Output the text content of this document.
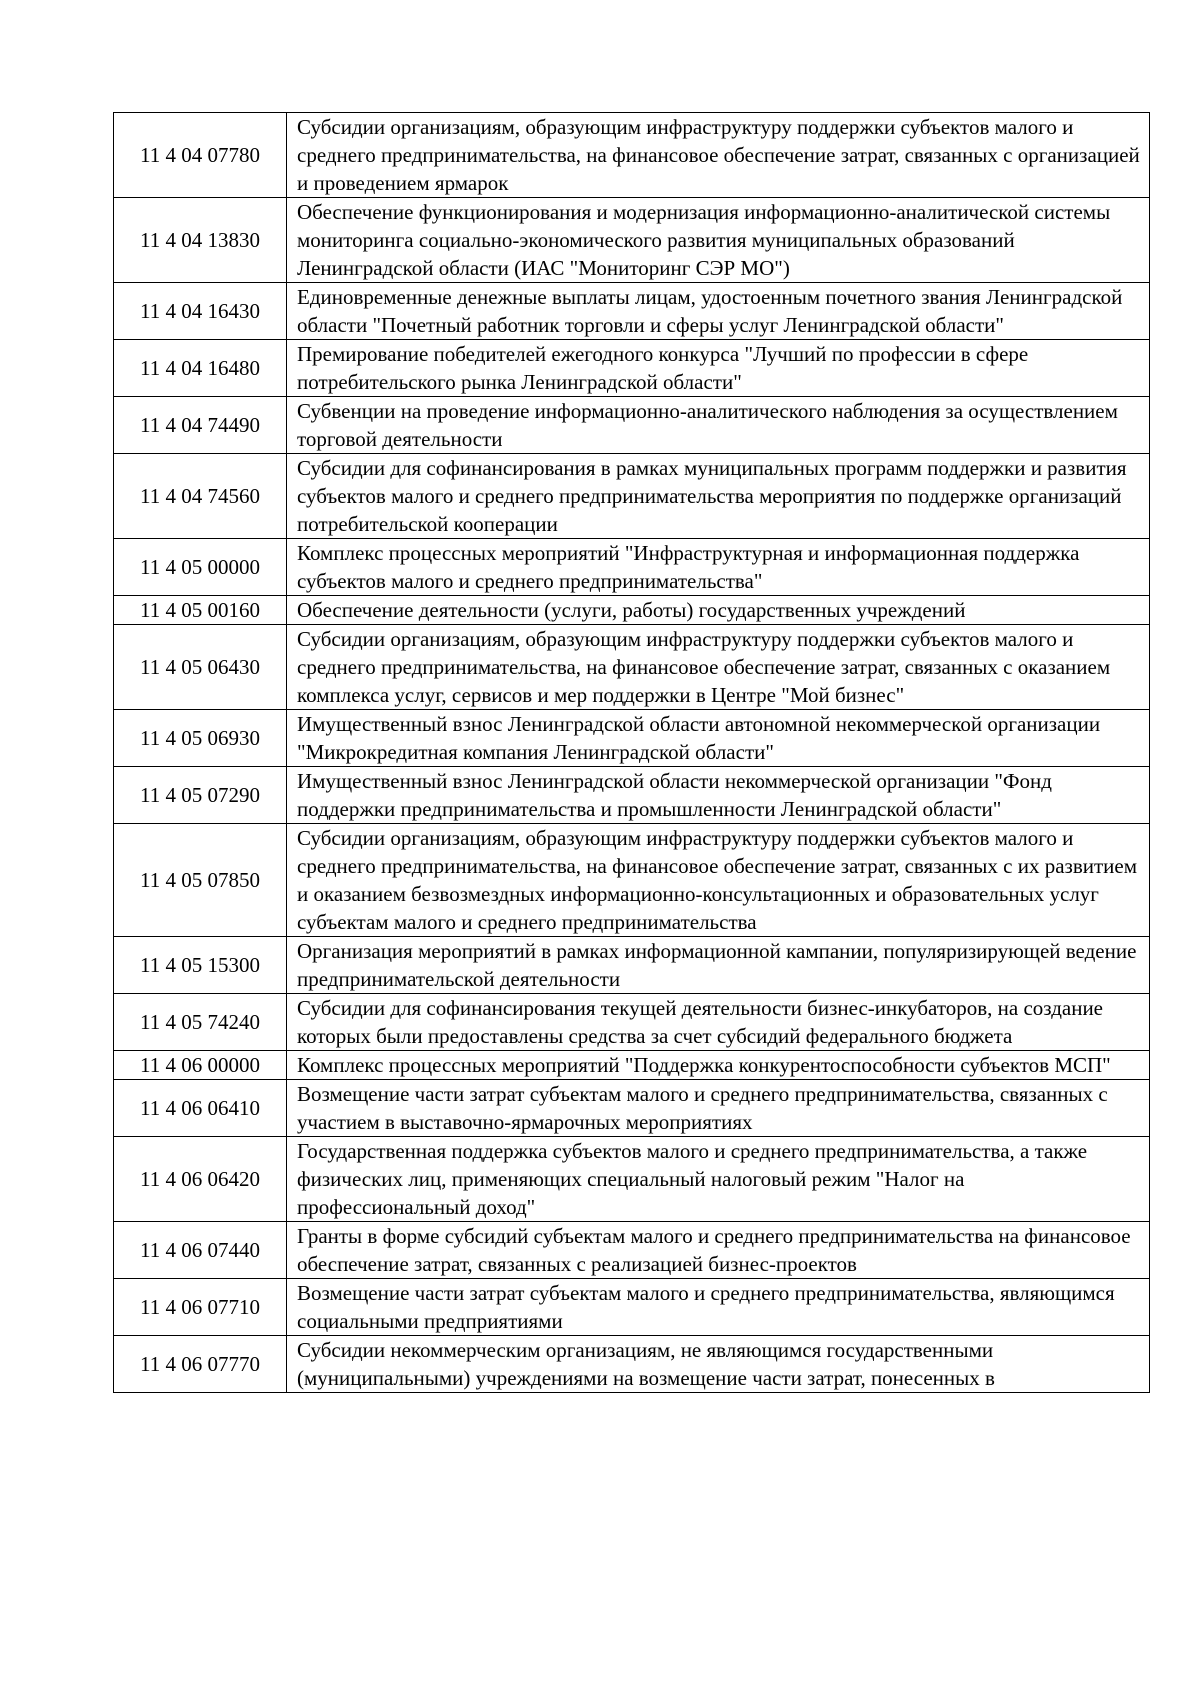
11 4 04 07780	Субсидии организациям, образующим инфраструктуру поддержки субъектов малого и среднего предпринимательства, на финансовое обеспечение затрат, связанных с организацией и проведением ярмарок
11 4 04 13830	Обеспечение функционирования и модернизация информационно-аналитической системы мониторинга социально-экономического развития муниципальных образований Ленинградской области (ИАС "Мониторинг СЭР МО")
11 4 04 16430	Единовременные денежные выплаты лицам, удостоенным почетного звания Ленинградской области "Почетный работник торговли и сферы услуг Ленинградской области"
11 4 04 16480	Премирование победителей ежегодного конкурса "Лучший по профессии в сфере потребительского рынка Ленинградской области"
11 4 04 74490	Субвенции на проведение информационно-аналитического наблюдения за осуществлением торговой деятельности
11 4 04 74560	Субсидии для софинансирования в рамках муниципальных программ поддержки и развития субъектов малого и среднего предпринимательства мероприятия по поддержке организаций потребительской кооперации
11 4 05 00000	Комплекс процессных мероприятий "Инфраструктурная и информационная поддержка субъектов малого и среднего предпринимательства"
11 4 05 00160	Обеспечение деятельности (услуги, работы) государственных учреждений
11 4 05 06430	Субсидии организациям, образующим инфраструктуру поддержки субъектов малого и среднего предпринимательства, на финансовое обеспечение затрат, связанных с оказанием комплекса услуг, сервисов и мер поддержки в Центре "Мой бизнес"
11 4 05 06930	Имущественный взнос Ленинградской области автономной некоммерческой организации "Микрокредитная компания Ленинградской области"
11 4 05 07290	Имущественный взнос Ленинградской области некоммерческой организации "Фонд поддержки предпринимательства и промышленности Ленинградской области"
11 4 05 07850	Субсидии организациям, образующим инфраструктуру поддержки субъектов малого и среднего предпринимательства, на финансовое обеспечение затрат, связанных с их развитием и оказанием безвозмездных информационно-консультационных и образовательных услуг субъектам малого и среднего предпринимательства
11 4 05 15300	Организация мероприятий в рамках информационной кампании, популяризирующей ведение предпринимательской деятельности
11 4 05 74240	Субсидии для софинансирования текущей деятельности бизнес-инкубаторов, на создание которых были предоставлены средства за счет субсидий федерального бюджета
11 4 06 00000	Комплекс процессных мероприятий "Поддержка конкурентоспособности субъектов МСП"
11 4 06 06410	Возмещение части затрат субъектам малого и среднего предпринимательства, связанных с участием в выставочно-ярмарочных мероприятиях
11 4 06 06420	Государственная поддержка субъектов малого и среднего предпринимательства, а также физических лиц, применяющих специальный налоговый режим "Налог на профессиональный доход"
11 4 06 07440	Гранты в форме субсидий субъектам малого и среднего предпринимательства на финансовое обеспечение затрат, связанных с реализацией бизнес-проектов
11 4 06 07710	Возмещение части затрат субъектам малого и среднего предпринимательства, являющимся социальными предприятиями
11 4 06 07770	Субсидии некоммерческим организациям, не являющимся государственными (муниципальными) учреждениями на возмещение части затрат, понесенных в
